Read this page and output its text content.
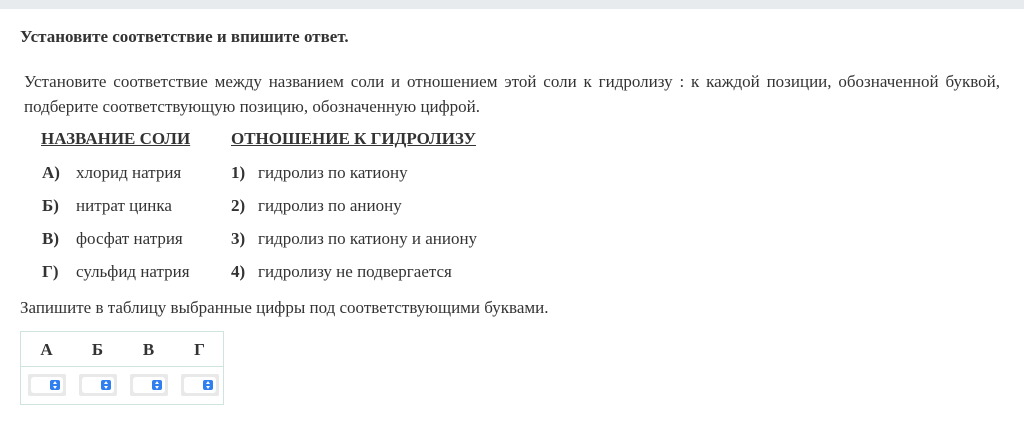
Установите соответствие и впишите ответ.
Установите соответствие между названием соли и отношением этой соли к гидролизу : к каждой позиции, обозначенной буквой, подберите соответствующую позицию, обозначенную цифрой.
НАЗВАНИЕ СОЛИ ОТНОШЕНИЕ К ГИДРОЛИЗУ
А) хлорид натрия
Б) нитрат цинка
В) фосфат натрия
Г) сульфид натрия
1) гидролиз по катиону
2) гидролиз по аниону
3) гидролиз по катиону и аниону
4) гидролизу не подвергается
Запишите в таблицу выбранные цифры под соответствующими буквами.
А	Б	В	Г
